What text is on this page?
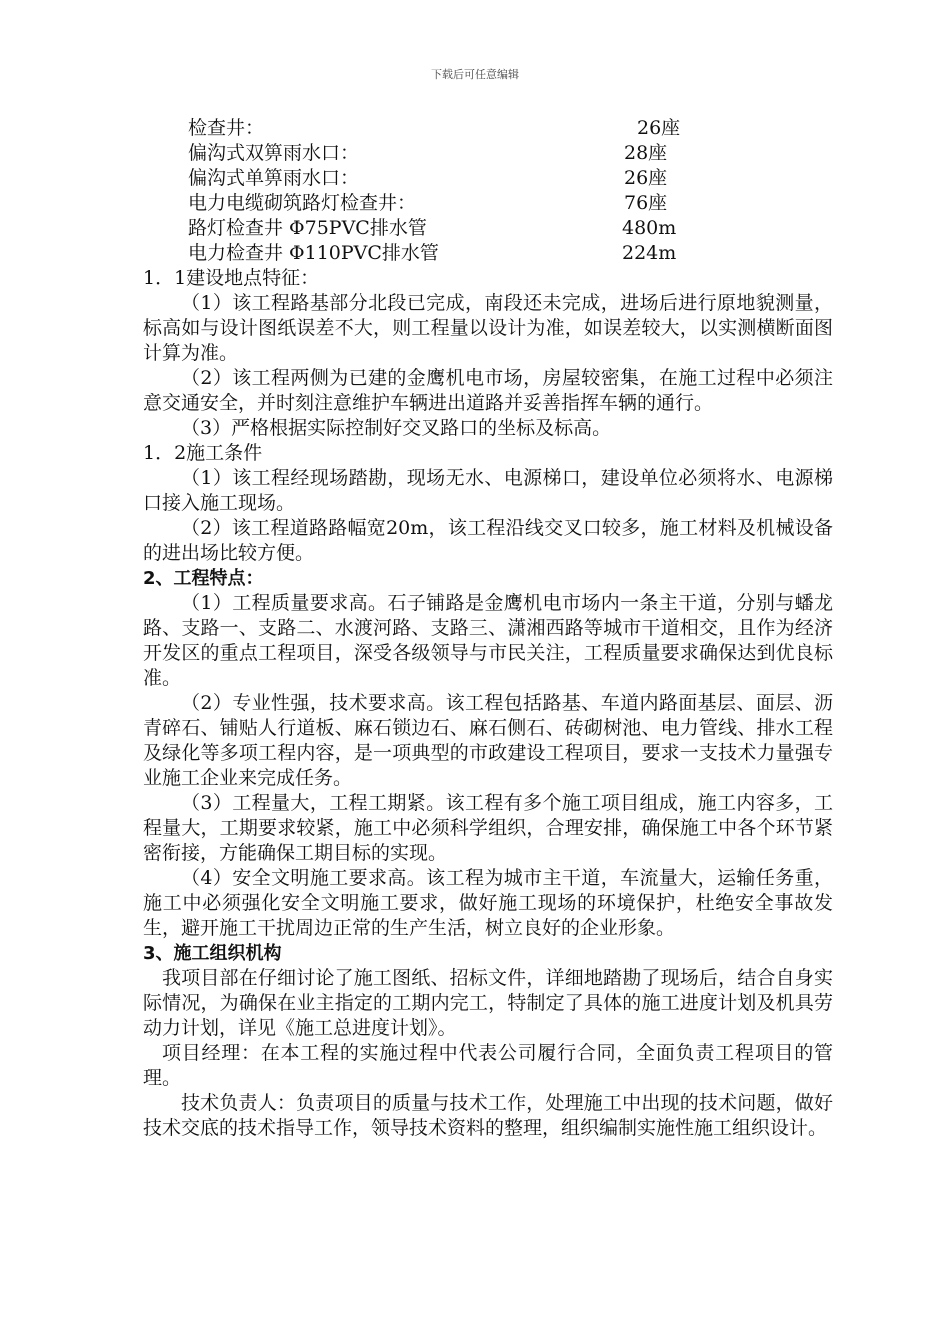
下载后可任意编辑
检查井：	26座
偏沟式双箅雨水口：	28座
偏沟式单箅雨水口：	26座
电力电缆砌筑路灯检查井：	76座
路灯检查井 Φ75PVC排水管	480m
电力检查井 Φ110PVC排水管	224m

1．1建设地点特征：

（1）该工程路基部分北段已完成，南段还未完成，进场后进行原地貌测量，标高如与设计图纸误差不大，则工程量以设计为准，如误差较大，以实测横断面图计算为准。

（2）该工程两侧为已建的金鹰机电市场，房屋较密集，在施工过程中必须注意交通安全，并时刻注意维护车辆进出道路并妥善指挥车辆的通行。

（3）严格根据实际控制好交叉路口的坐标及标高。

1．2施工条件

（1）该工程经现场踏勘，现场无水、电源梯口，建设单位必须将水、电源梯口接入施工现场。

（2）该工程道路路幅宽20m，该工程沿线交叉口较多，施工材料及机械设备的进出场比较方便。

2、工程特点：

（1）工程质量要求高。石子铺路是金鹰机电市场内一条主干道，分别与蟠龙路、支路一、支路二、水渡河路、支路三、潇湘西路等城市干道相交，且作为经济开发区的重点工程项目，深受各级领导与市民关注，工程质量要求确保达到优良标准。

（2）专业性强，技术要求高。该工程包括路基、车道内路面基层、面层、沥青碎石、铺贴人行道板、麻石锁边石、麻石侧石、砖砌树池、电力管线、排水工程及绿化等多项工程内容，是一项典型的市政建设工程项目，要求一支技术力量强专业施工企业来完成任务。

（3）工程量大，工程工期紧。该工程有多个施工项目组成，施工内容多，工程量大，工期要求较紧，施工中必须科学组织，合理安排，确保施工中各个环节紧密衔接，方能确保工期目标的实现。

（4）安全文明施工要求高。该工程为城市主干道，车流量大，运输任务重，施工中必须强化安全文明施工要求，做好施工现场的环境保护，杜绝安全事故发生，避开施工干扰周边正常的生产生活，树立良好的企业形象。

3、施工组织机构

我项目部在仔细讨论了施工图纸、招标文件，详细地踏勘了现场后，结合自身实际情况，为确保在业主指定的工期内完工，特制定了具体的施工进度计划及机具劳动力计划，详见《施工总进度计划》。

项目经理：在本工程的实施过程中代表公司履行合同，全面负责工程项目的管理。

技术负责人：负责项目的质量与技术工作，处理施工中出现的技术问题，做好技术交底的技术指导工作，领导技术资料的整理，组织编制实施性施工组织设计。
